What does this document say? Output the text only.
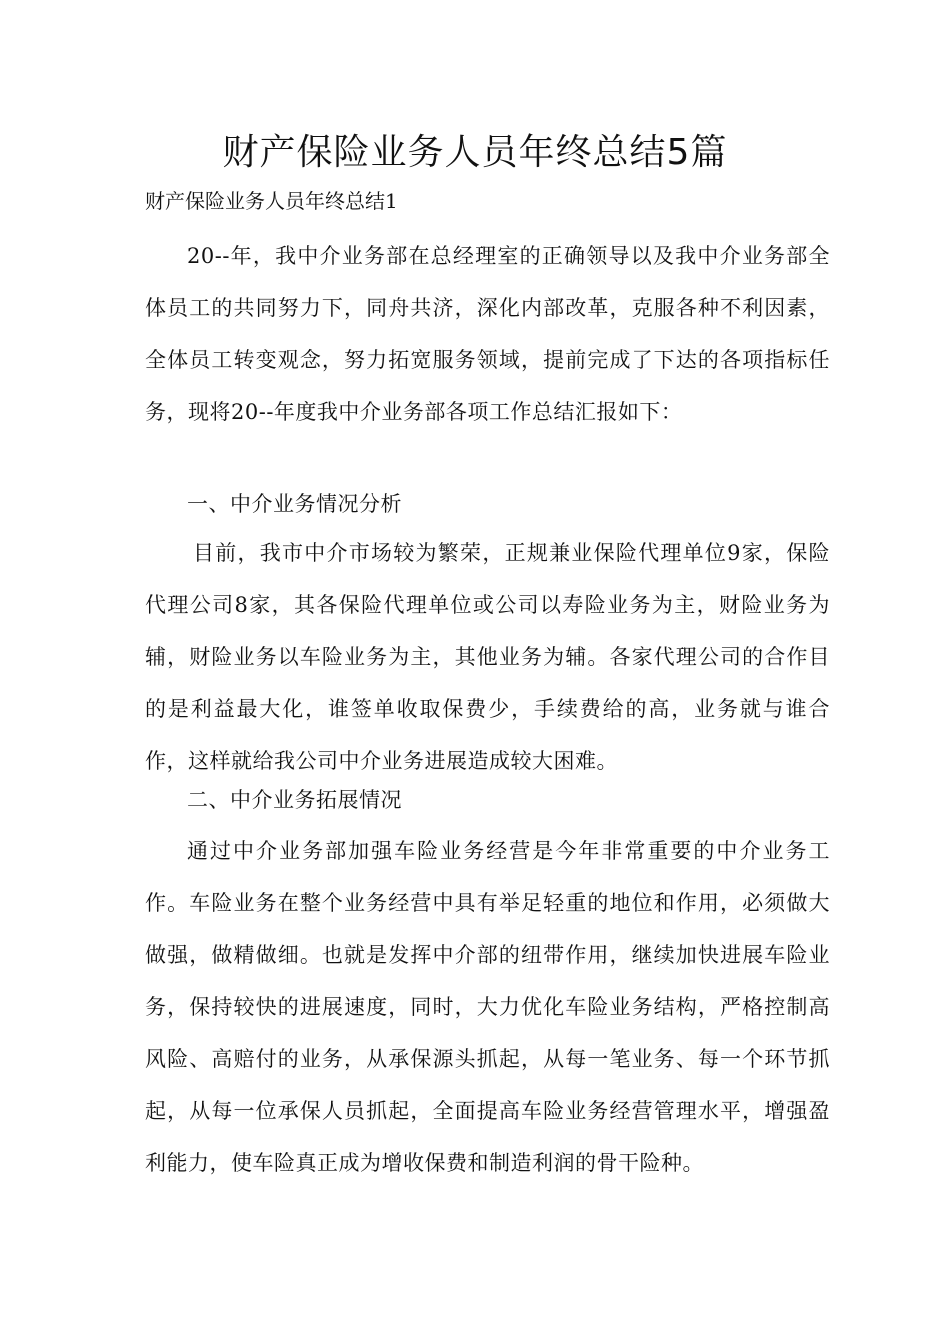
财产保险业务人员年终总结5篇

财产保险业务人员年终总结1

20--年，我中介业务部在总经理室的正确领导以及我中介业务部全体员工的共同努力下，同舟共济，深化内部改革，克服各种不利因素，全体员工转变观念，努力拓宽服务领域，提前完成了下达的各项指标任务，现将20--年度我中介业务部各项工作总结汇报如下：

一、中介业务情况分析

目前，我市中介市场较为繁荣，正规兼业保险代理单位9家，保险代理公司8家，其各保险代理单位或公司以寿险业务为主，财险业务为辅，财险业务以车险业务为主，其他业务为辅。各家代理公司的合作目的是利益最大化，谁签单收取保费少，手续费给的高，业务就与谁合作，这样就给我公司中介业务进展造成较大困难。

二、中介业务拓展情况

通过中介业务部加强车险业务经营是今年非常重要的中介业务工作。车险业务在整个业务经营中具有举足轻重的地位和作用，必须做大做强，做精做细。也就是发挥中介部的纽带作用，继续加快进展车险业务，保持较快的进展速度，同时，大力优化车险业务结构，严格控制高风险、高赔付的业务，从承保源头抓起，从每一笔业务、每一个环节抓起，从每一位承保人员抓起，全面提高车险业务经营管理水平，增强盈利能力，使车险真正成为增收保费和制造利润的骨干险种。
